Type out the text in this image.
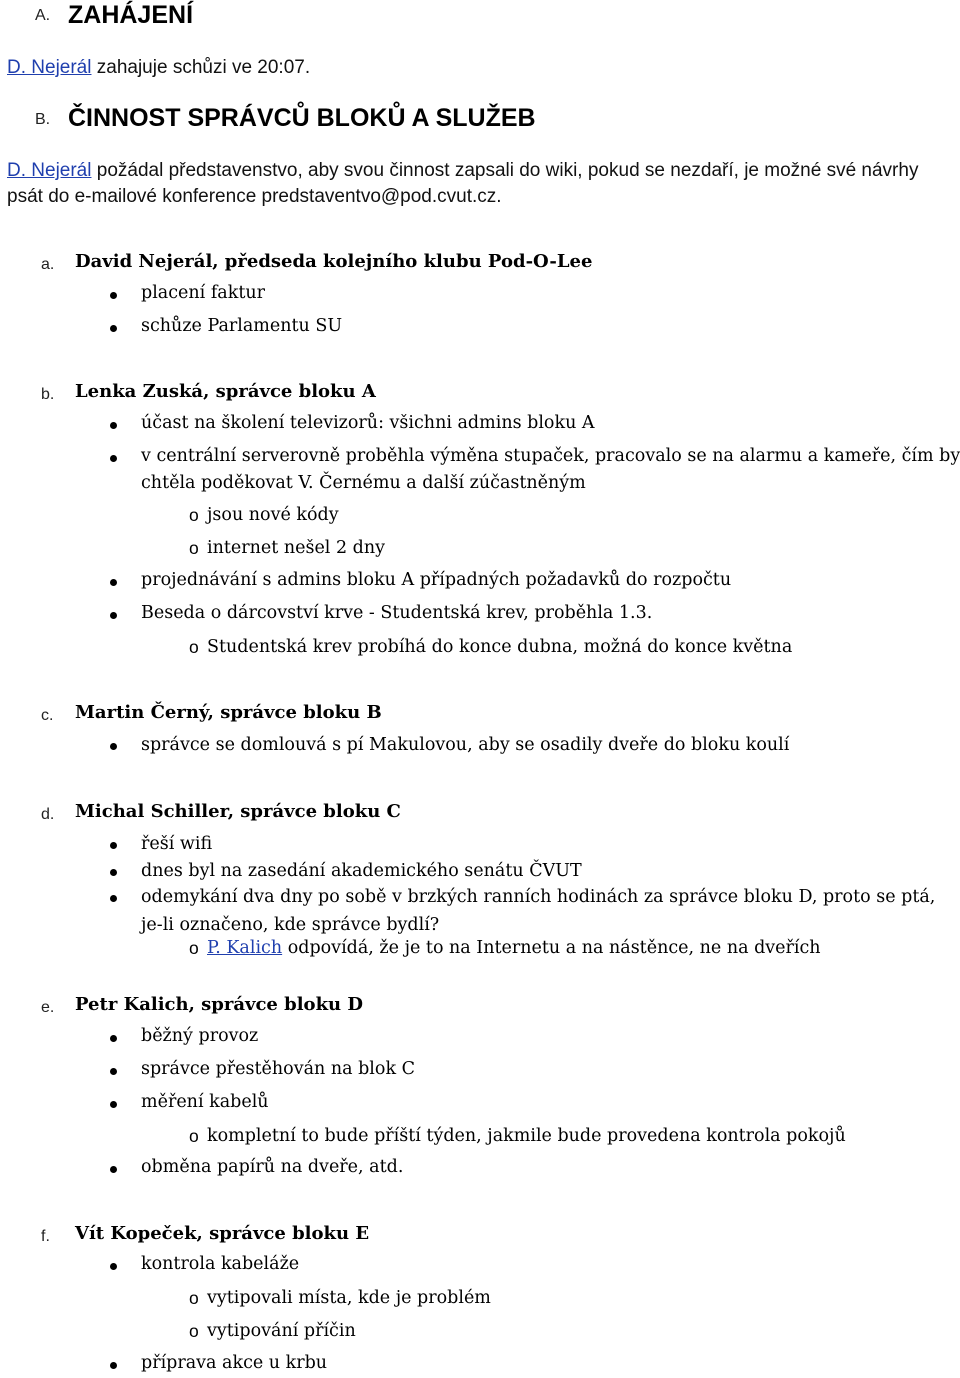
A. ZAHÁJENÍ
D. Nejerál zahajuje schůzi ve 20:07.
B. ČINNOST SPRÁVCŮ BLOKŮ A SLUŽEB
D. Nejerál požádal představenstvo, aby svou činnost zapsali do wiki, pokud se nezdaří, je možné své návrhy
psát do e-mailové konference predstaventvo@pod.cvut.cz.
a. David Nejerál, předseda kolejního klubu Pod-O-Lee
placení faktur
schůze Parlamentu SU
b. Lenka Zuská, správce bloku A
účast na školení televizorů: všichni admins bloku A
v centrální serverovně proběhla výměna stupaček, pracovalo se na alarmu a kameře, čím by
chtěla poděkovat V. Černému a další zúčastněným
o jsou nové kódy
o internet nešel 2 dny
projednávání s admins bloku A případných požadavků do rozpočtu
Beseda o dárcovství krve - Studentská krev, proběhla 1.3.
o Studentská krev probíhá do konce dubna, možná do konce května
c. Martin Černý, správce bloku B
správce se domlouvá s pí Makulovou, aby se osadily dveře do bloku koulí
d. Michal Schiller, správce bloku C
řeší wifi
dnes byl na zasedání akademického senátu ČVUT
odemykání dva dny po sobě v brzkých ranních hodinách za správce bloku D, proto se ptá,
je-li označeno, kde správce bydlí?
o P. Kalich odpovídá, že je to na Internetu a na nástěnce, ne na dveřích
e. Petr Kalich, správce bloku D
běžný provoz
správce přestěhován na blok C
měření kabelů
o kompletní to bude příští týden, jakmile bude provedena kontrola pokojů
obměna papírů na dveře, atd.
f. Vít Kopeček, správce bloku E
kontrola kabeláže
o vytipovali místa, kde je problém
o vytipování příčin
příprava akce u krbu
